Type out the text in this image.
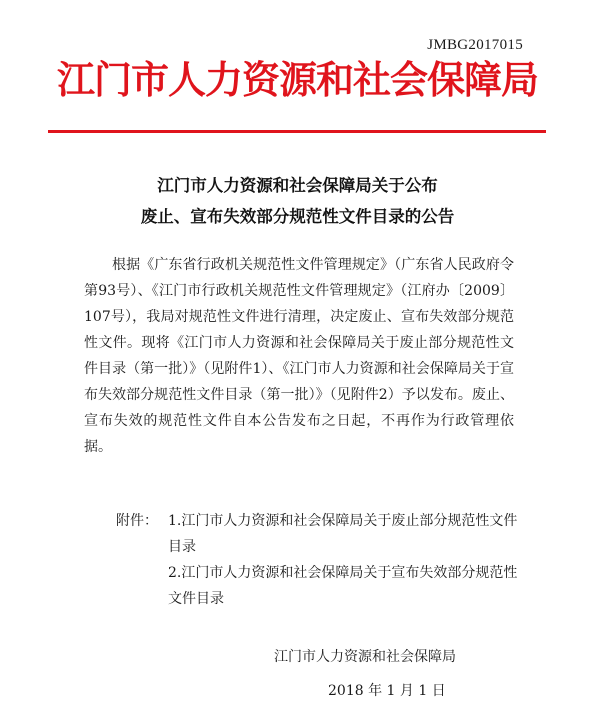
JMBG2017015
江门市人力资源和社会保障局
江门市人力资源和社会保障局关于公布
废止、宣布失效部分规范性文件目录的公告

根据《广东省行政机关规范性文件管理规定》（广东省人民政府令第93号）、《江门市行政机关规范性文件管理规定》（江府办〔2009〕107号），我局对规范性文件进行清理，决定废止、宣布失效部分规范性文件。现将《江门市人力资源和社会保障局关于废止部分规范性文件目录（第一批）》（见附件1）、《江门市人力资源和社会保障局关于宣布失效部分规范性文件目录（第一批）》（见附件2）予以发布。废止、宣布失效的规范性文件自本公告发布之日起，不再作为行政管理依据。

附件： 1.江门市人力资源和社会保障局关于废止部分规范性文件目录
2.江门市人力资源和社会保障局关于宣布失效部分规范性文件目录
江门市人力资源和社会保障局
2018 年 1 月 1 日
